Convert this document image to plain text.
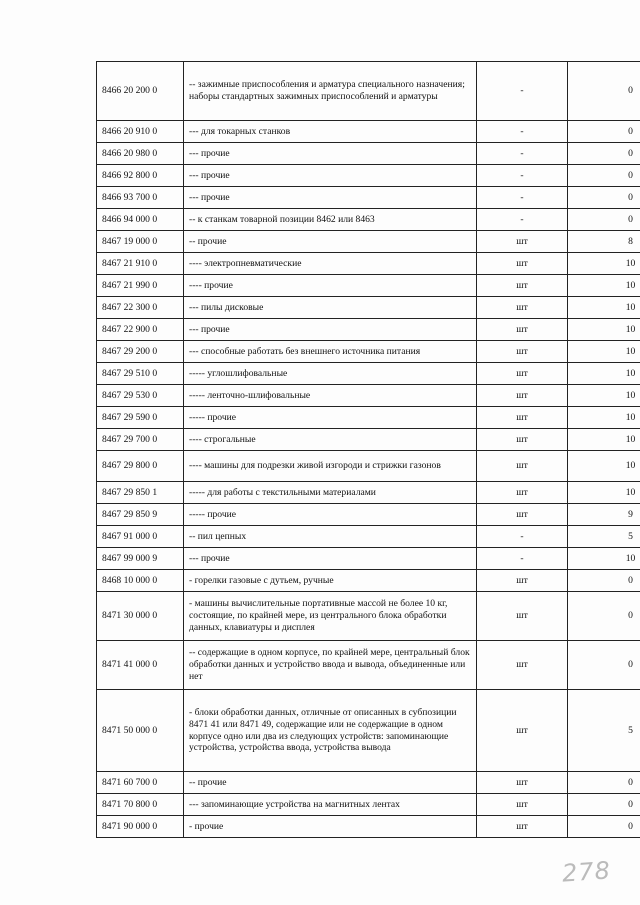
8466 20 200 0	-- зажимные приспособления и арматура специального назначения; наборы стандартных зажимных приспособлений и арматуры	-	0
8466 20 910 0	--- для токарных станков	-	0
8466 20 980 0	--- прочие	-	0
8466 92 800 0	--- прочие	-	0
8466 93 700 0	--- прочие	-	0
8466 94 000 0	-- к станкам товарной позиции 8462 или 8463	-	0
8467 19 000 0	-- прочие	шт	8
8467 21 910 0	---- электропневматические	шт	10
8467 21 990 0	---- прочие	шт	10
8467 22 300 0	--- пилы дисковые	шт	10
8467 22 900 0	--- прочие	шт	10
8467 29 200 0	--- способные работать без внешнего источника питания	шт	10
8467 29 510 0	----- углошлифовальные	шт	10
8467 29 530 0	----- ленточно-шлифовальные	шт	10
8467 29 590 0	----- прочие	шт	10
8467 29 700 0	---- строгальные	шт	10
8467 29 800 0	---- машины для подрезки живой изгороди и стрижки газонов	шт	10
8467 29 850 1	----- для работы с текстильными материалами	шт	10
8467 29 850 9	----- прочие	шт	9
8467 91 000 0	-- пил цепных	-	5
8467 99 000 9	--- прочие	-	10
8468 10 000 0	- горелки газовые с дутьем, ручные	шт	0
8471 30 000 0	- машины вычислительные портативные массой не более 10 кг, состоящие, по крайней мере, из центрального блока обработки данных, клавиатуры и дисплея	шт	0
8471 41 000 0	-- содержащие в одном корпусе, по крайней мере, центральный блок обработки данных и устройство ввода и вывода, объединенные или нет	шт	0
8471 50 000 0	- блоки обработки данных, отличные от описанных в субпозиции 8471 41 или 8471 49, содержащие или не содержащие в одном корпусе одно или два из следующих устройств: запоминающие устройства, устройства ввода, устройства вывода	шт	5
8471 60 700 0	-- прочие	шт	0
8471 70 800 0	--- запоминающие устройства на магнитных лентах	шт	0
8471 90 000 0	- прочие	шт	0
278
